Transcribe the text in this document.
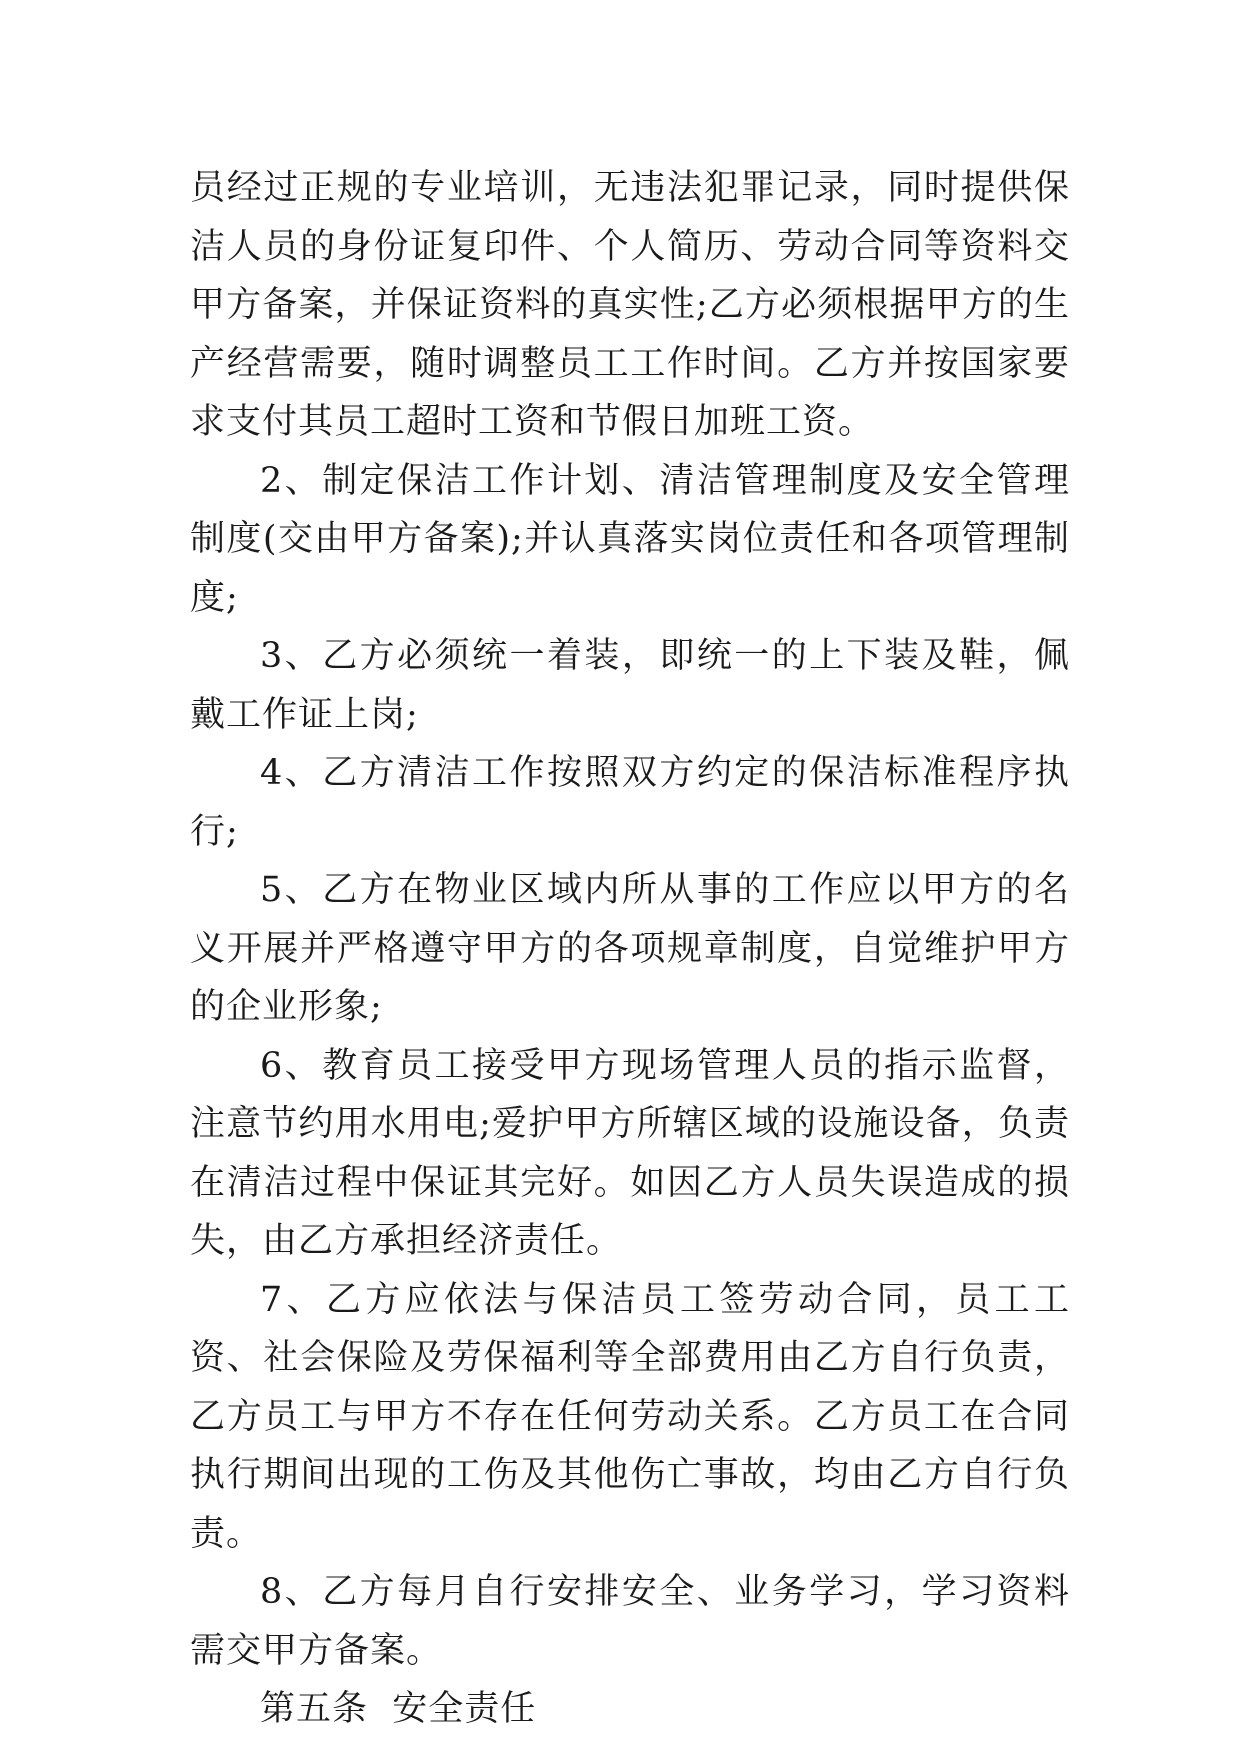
员经过正规的专业培训，无违法犯罪记录，同时提供保洁人员的身份证复印件、个人简历、劳动合同等资料交甲方备案，并保证资料的真实性;乙方必须根据甲方的生产经营需要，随时调整员工工作时间。乙方并按国家要求支付其员工超时工资和节假日加班工资。

2、制定保洁工作计划、清洁管理制度及安全管理制度(交由甲方备案);并认真落实岗位责任和各项管理制度;

3、乙方必须统一着装，即统一的上下装及鞋，佩戴工作证上岗;

4、乙方清洁工作按照双方约定的保洁标准程序执行;

5、乙方在物业区域内所从事的工作应以甲方的名义开展并严格遵守甲方的各项规章制度，自觉维护甲方的企业形象;

6、教育员工接受甲方现场管理人员的指示监督，注意节约用水用电;爱护甲方所辖区域的设施设备，负责在清洁过程中保证其完好。如因乙方人员失误造成的损失，由乙方承担经济责任。

7、乙方应依法与保洁员工签劳动合同，员工工资、社会保险及劳保福利等全部费用由乙方自行负责，乙方员工与甲方不存在任何劳动关系。乙方员工在合同执行期间出现的工伤及其他伤亡事故，均由乙方自行负责。

8、乙方每月自行安排安全、业务学习，学习资料需交甲方备案。

第五条  安全责任
